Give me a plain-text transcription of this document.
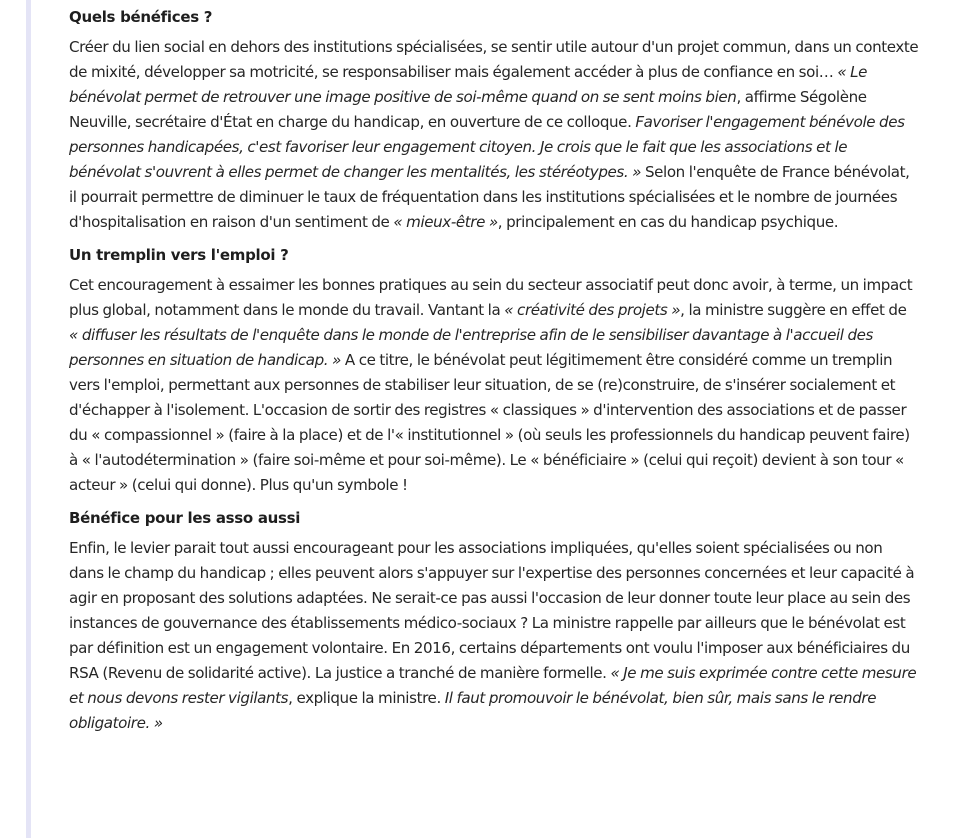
Quels bénéfices ?

Créer du lien social en dehors des institutions spécialisées, se sentir utile autour d'un projet commun, dans un contexte de mixité, développer sa motricité, se responsabiliser mais également accéder à plus de confiance en soi… « Le bénévolat permet de retrouver une image positive de soi-même quand on se sent moins bien, affirme Ségolène Neuville, secrétaire d'État en charge du handicap, en ouverture de ce colloque. Favoriser l'engagement bénévole des personnes handicapées, c'est favoriser leur engagement citoyen. Je crois que le fait que les associations et le bénévolat s'ouvrent à elles permet de changer les mentalités, les stéréotypes. » Selon l'enquête de France bénévolat, il pourrait permettre de diminuer le taux de fréquentation dans les institutions spécialisées et le nombre de journées d'hospitalisation en raison d'un sentiment de « mieux-être », principalement en cas du handicap psychique.

Un tremplin vers l'emploi ?

Cet encouragement à essaimer les bonnes pratiques au sein du secteur associatif peut donc avoir, à terme, un impact plus global, notamment dans le monde du travail. Vantant la « créativité des projets », la ministre suggère en effet de « diffuser les résultats de l'enquête dans le monde de l'entreprise afin de le sensibiliser davantage à l'accueil des personnes en situation de handicap. » A ce titre, le bénévolat peut légitimement être considéré comme un tremplin vers l'emploi, permettant aux personnes de stabiliser leur situation, de se (re)construire, de s'insérer socialement et d'échapper à l'isolement. L'occasion de sortir des registres « classiques » d'intervention des associations et de passer du « compassionnel » (faire à la place) et de l'« institutionnel » (où seuls les professionnels du handicap peuvent faire) à « l'autodétermination » (faire soi-même et pour soi-même). Le « bénéficiaire » (celui qui reçoit) devient à son tour « acteur » (celui qui donne). Plus qu'un symbole !

Bénéfice pour les asso aussi

Enfin, le levier parait tout aussi encourageant pour les associations impliquées, qu'elles soient spécialisées ou non dans le champ du handicap ; elles peuvent alors s'appuyer sur l'expertise des personnes concernées et leur capacité à agir en proposant des solutions adaptées. Ne serait-ce pas aussi l'occasion de leur donner toute leur place au sein des instances de gouvernance des établissements médico-sociaux ? La ministre rappelle par ailleurs que le bénévolat est par définition est un engagement volontaire. En 2016, certains départements ont voulu l'imposer aux bénéficiaires du RSA (Revenu de solidarité active). La justice a tranché de manière formelle. « Je me suis exprimée contre cette mesure et nous devons rester vigilants, explique la ministre. Il faut promouvoir le bénévolat, bien sûr, mais sans le rendre obligatoire. »
